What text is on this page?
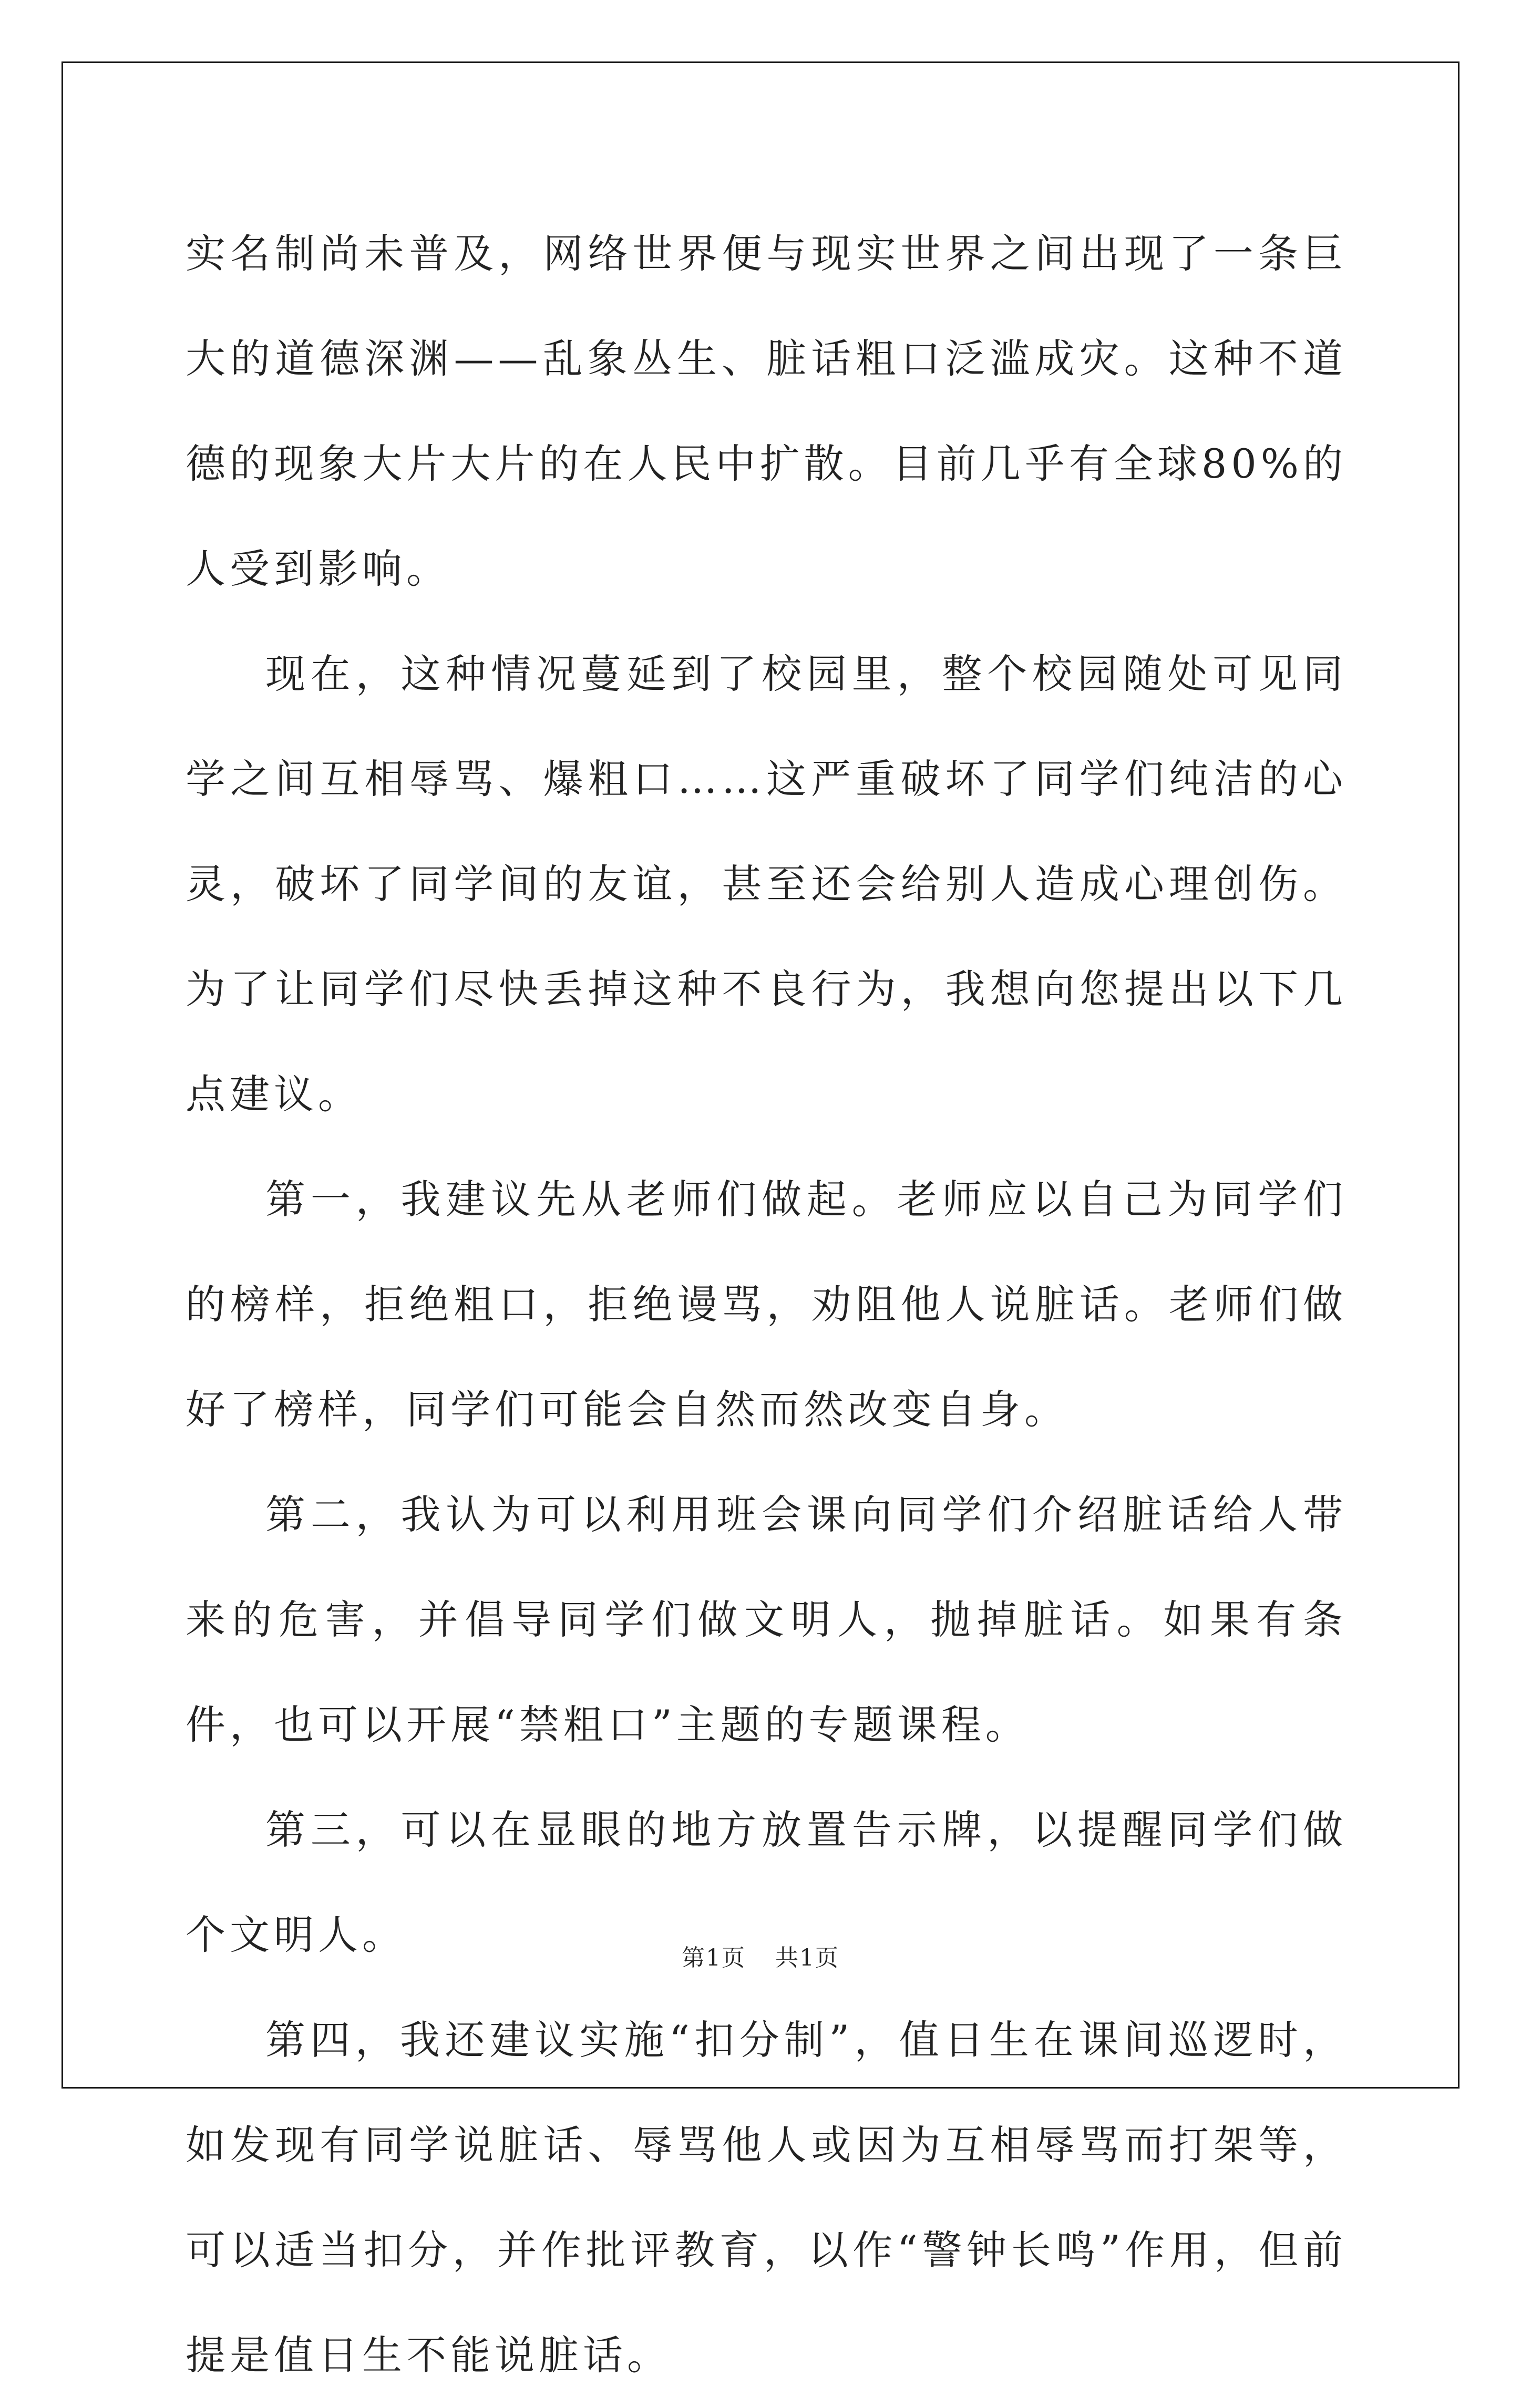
实名制尚未普及，网络世界便与现实世界之间出现了一条巨大的道德深渊——乱象丛生、脏话粗口泛滥成灾。这种不道德的现象大片大片的在人民中扩散。目前几乎有全球80%的人受到影响。

现在，这种情况蔓延到了校园里，整个校园随处可见同学之间互相辱骂、爆粗口……这严重破坏了同学们纯洁的心灵，破坏了同学间的友谊，甚至还会给别人造成心理创伤。为了让同学们尽快丢掉这种不良行为，我想向您提出以下几点建议。

第一，我建议先从老师们做起。老师应以自己为同学们的榜样，拒绝粗口，拒绝谩骂，劝阻他人说脏话。老师们做好了榜样，同学们可能会自然而然改变自身。

第二，我认为可以利用班会课向同学们介绍脏话给人带来的危害，并倡导同学们做文明人，抛掉脏话。如果有条件，也可以开展“禁粗口”主题的专题课程。

第三，可以在显眼的地方放置告示牌，以提醒同学们做个文明人。

第四，我还建议实施“扣分制”，值日生在课间巡逻时，如发现有同学说脏话、辱骂他人或因为互相辱骂而打架等，可以适当扣分，并作批评教育，以作“警钟长鸣”作用，但前提是值日生不能说脏话。

第1页 共1页
